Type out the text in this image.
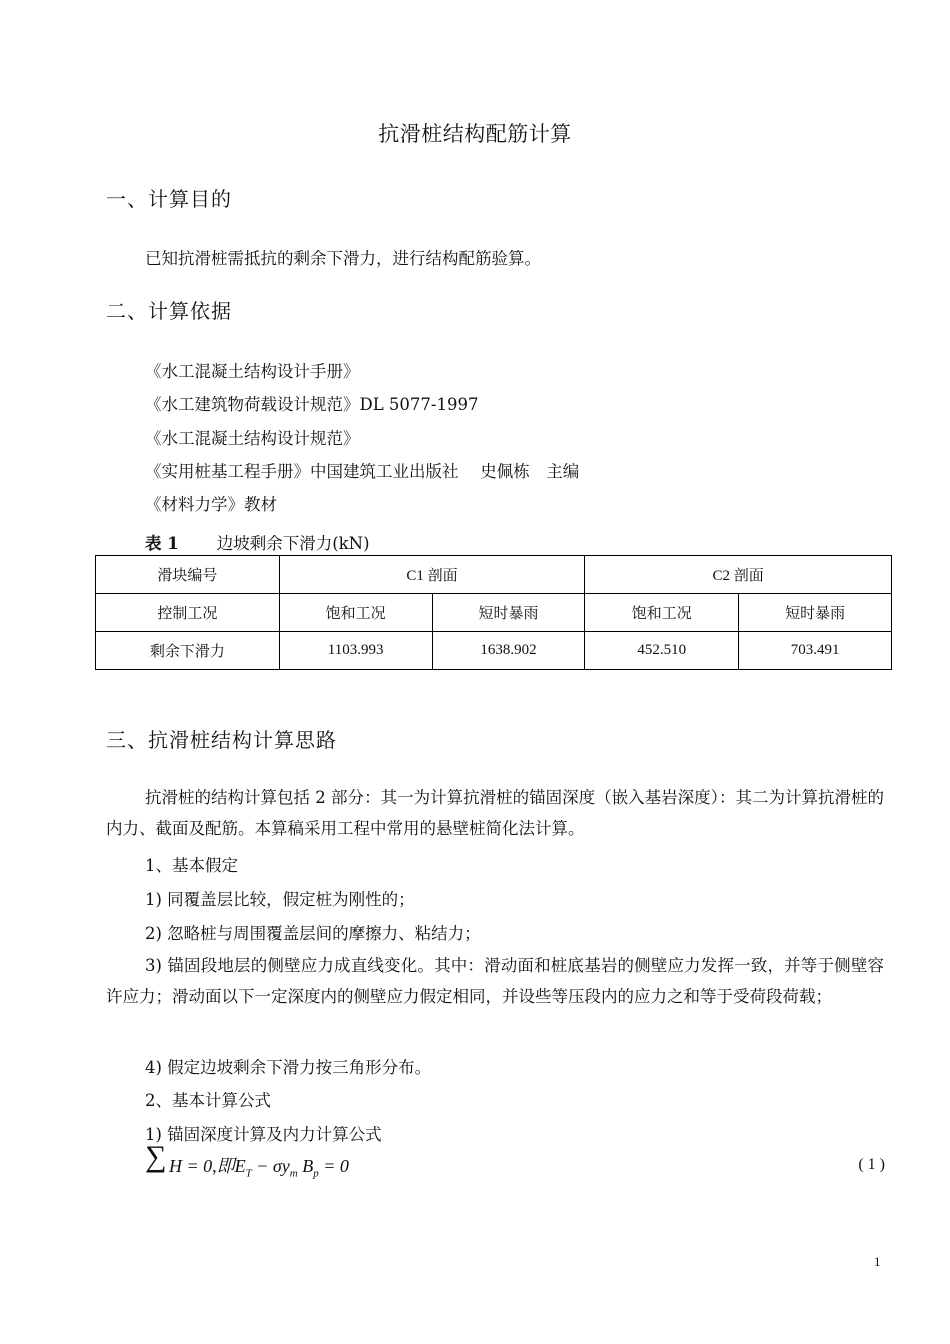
抗滑桩结构配筋计算
一、计算目的
已知抗滑桩需抵抗的剩余下滑力，进行结构配筋验算。
二、计算依据
《水工混凝土结构设计手册》
《水工建筑物荷载设计规范》DL 5077-1997
《水工混凝土结构设计规范》
《实用桩基工程手册》中国建筑工业出版社　 史佩栋　主编
《材料力学》教材
表 1 边坡剩余下滑力(kN)
滑块编号	C1 剖面		C2 剖面	
控制工况	饱和工况	短时暴雨	饱和工况	短时暴雨
剩余下滑力	1103.993	1638.902	452.510	703.491
三、抗滑桩结构计算思路
抗滑桩的结构计算包括 2 部分：其一为计算抗滑桩的锚固深度（嵌入基岩深度）：其二为计算抗滑桩的内力、截面及配筋。本算稿采用工程中常用的悬壁桩简化法计算。
1、基本假定
1) 同覆盖层比较，假定桩为刚性的；
2) 忽略桩与周围覆盖层间的摩擦力、粘结力；
3) 锚固段地层的侧壁应力成直线变化。其中：滑动面和桩底基岩的侧壁应力发挥一致，并等于侧壁容许应力；滑动面以下一定深度内的侧壁应力假定相同，并设些等压段内的应力之和等于受荷段荷载；
4) 假定边坡剩余下滑力按三角形分布。
2、基本计算公式
1) 锚固深度计算及内力计算公式
∑ H = 0,即$E_T - \sigma y_m$ $B_p = 0$	( 1 )
1
